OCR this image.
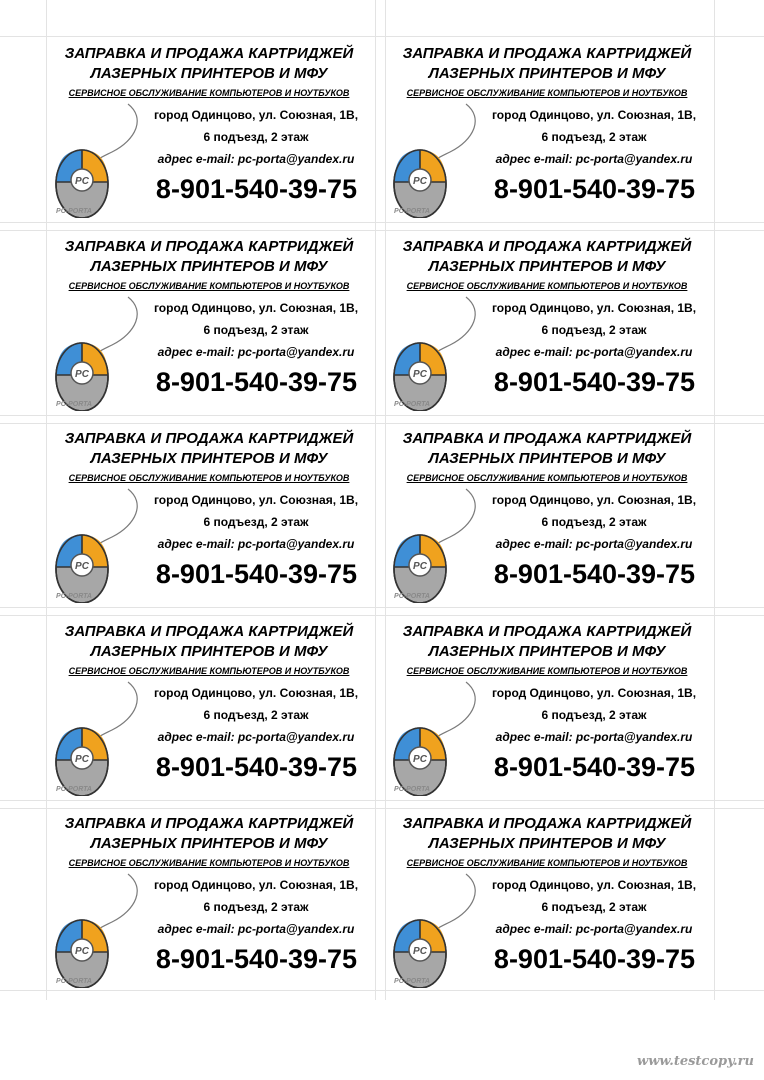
ЗАПРАВКА И ПРОДАЖА КАРТРИДЖЕЙ
ЛАЗЕРНЫХ ПРИНТЕРОВ И МФУ
СЕРВИСНОЕ ОБСЛУЖИВАНИЕ КОМПЬЮТЕРОВ И НОУТБУКОВ
PC
PC-PORTA
город Одинцово, ул. Союзная, 1В,
6 подъезд, 2 этаж
адрес e-mail: pc-porta@yandex.ru
8-901-540-39-75
ЗАПРАВКА И ПРОДАЖА КАРТРИДЖЕЙ
ЛАЗЕРНЫХ ПРИНТЕРОВ И МФУ
СЕРВИСНОЕ ОБСЛУЖИВАНИЕ КОМПЬЮТЕРОВ И НОУТБУКОВ
PC
PC-PORTA
город Одинцово, ул. Союзная, 1В,
6 подъезд, 2 этаж
адрес e-mail: pc-porta@yandex.ru
8-901-540-39-75
ЗАПРАВКА И ПРОДАЖА КАРТРИДЖЕЙ
ЛАЗЕРНЫХ ПРИНТЕРОВ И МФУ
СЕРВИСНОЕ ОБСЛУЖИВАНИЕ КОМПЬЮТЕРОВ И НОУТБУКОВ
PC
PC-PORTA
город Одинцово, ул. Союзная, 1В,
6 подъезд, 2 этаж
адрес e-mail: pc-porta@yandex.ru
8-901-540-39-75
ЗАПРАВКА И ПРОДАЖА КАРТРИДЖЕЙ
ЛАЗЕРНЫХ ПРИНТЕРОВ И МФУ
СЕРВИСНОЕ ОБСЛУЖИВАНИЕ КОМПЬЮТЕРОВ И НОУТБУКОВ
PC
PC-PORTA
город Одинцово, ул. Союзная, 1В,
6 подъезд, 2 этаж
адрес e-mail: pc-porta@yandex.ru
8-901-540-39-75
ЗАПРАВКА И ПРОДАЖА КАРТРИДЖЕЙ
ЛАЗЕРНЫХ ПРИНТЕРОВ И МФУ
СЕРВИСНОЕ ОБСЛУЖИВАНИЕ КОМПЬЮТЕРОВ И НОУТБУКОВ
PC
PC-PORTA
город Одинцово, ул. Союзная, 1В,
6 подъезд, 2 этаж
адрес e-mail: pc-porta@yandex.ru
8-901-540-39-75
ЗАПРАВКА И ПРОДАЖА КАРТРИДЖЕЙ
ЛАЗЕРНЫХ ПРИНТЕРОВ И МФУ
СЕРВИСНОЕ ОБСЛУЖИВАНИЕ КОМПЬЮТЕРОВ И НОУТБУКОВ
PC
PC-PORTA
город Одинцово, ул. Союзная, 1В,
6 подъезд, 2 этаж
адрес e-mail: pc-porta@yandex.ru
8-901-540-39-75
ЗАПРАВКА И ПРОДАЖА КАРТРИДЖЕЙ
ЛАЗЕРНЫХ ПРИНТЕРОВ И МФУ
СЕРВИСНОЕ ОБСЛУЖИВАНИЕ КОМПЬЮТЕРОВ И НОУТБУКОВ
PC
PC-PORTA
город Одинцово, ул. Союзная, 1В,
6 подъезд, 2 этаж
адрес e-mail: pc-porta@yandex.ru
8-901-540-39-75
ЗАПРАВКА И ПРОДАЖА КАРТРИДЖЕЙ
ЛАЗЕРНЫХ ПРИНТЕРОВ И МФУ
СЕРВИСНОЕ ОБСЛУЖИВАНИЕ КОМПЬЮТЕРОВ И НОУТБУКОВ
PC
PC-PORTA
город Одинцово, ул. Союзная, 1В,
6 подъезд, 2 этаж
адрес e-mail: pc-porta@yandex.ru
8-901-540-39-75
ЗАПРАВКА И ПРОДАЖА КАРТРИДЖЕЙ
ЛАЗЕРНЫХ ПРИНТЕРОВ И МФУ
СЕРВИСНОЕ ОБСЛУЖИВАНИЕ КОМПЬЮТЕРОВ И НОУТБУКОВ
PC
PC-PORTA
город Одинцово, ул. Союзная, 1В,
6 подъезд, 2 этаж
адрес e-mail: pc-porta@yandex.ru
8-901-540-39-75
ЗАПРАВКА И ПРОДАЖА КАРТРИДЖЕЙ
ЛАЗЕРНЫХ ПРИНТЕРОВ И МФУ
СЕРВИСНОЕ ОБСЛУЖИВАНИЕ КОМПЬЮТЕРОВ И НОУТБУКОВ
PC
PC-PORTA
город Одинцово, ул. Союзная, 1В,
6 подъезд, 2 этаж
адрес e-mail: pc-porta@yandex.ru
8-901-540-39-75
www.testcopy.ru
